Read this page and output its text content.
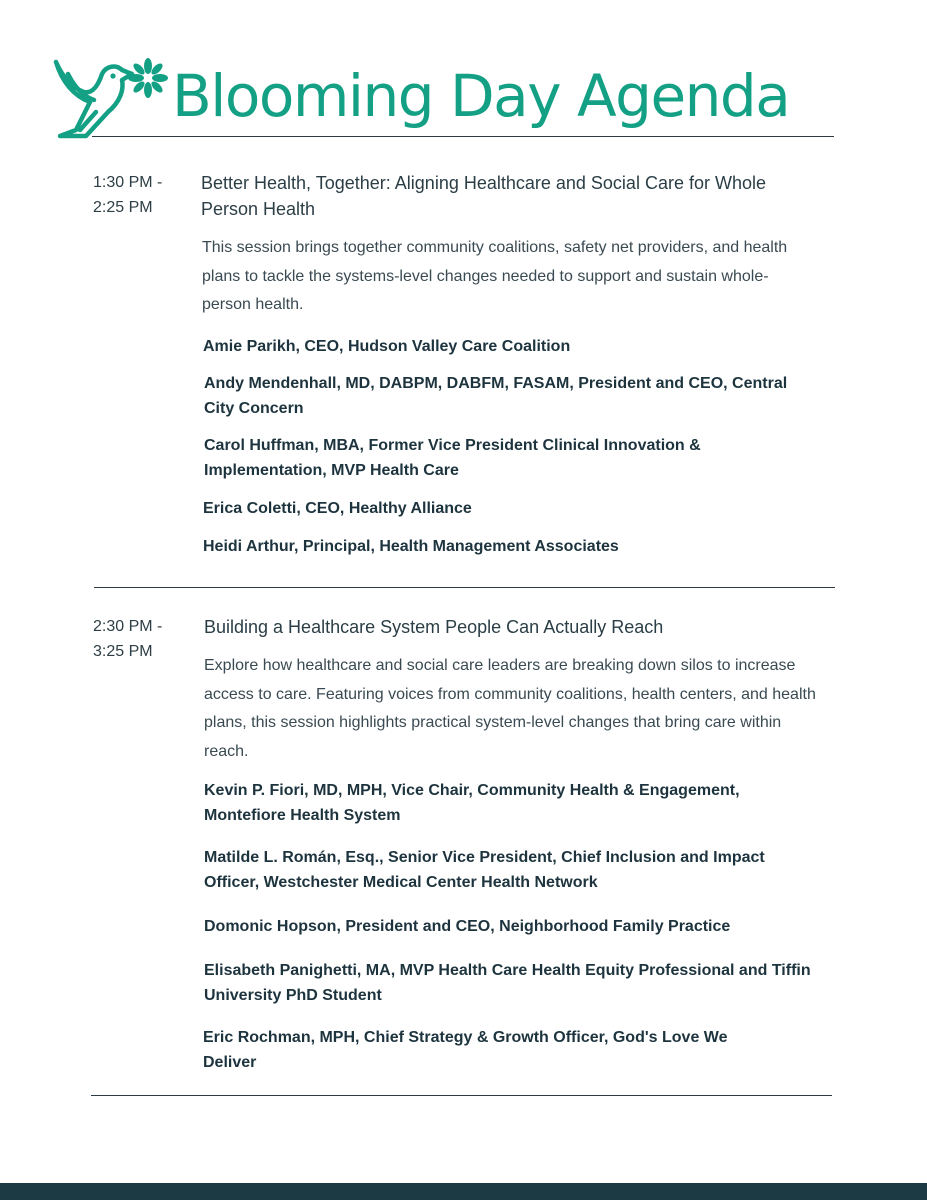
Blooming Day Agenda
1:30 PM -
2:25 PM
Better Health, Together: Aligning Healthcare and Social Care for Whole Person Health
This session brings together community coalitions, safety net providers, and health plans to tackle the systems-level changes needed to support and sustain whole-person health.
Amie Parikh, CEO, Hudson Valley Care Coalition
Andy Mendenhall, MD, DABPM, DABFM, FASAM, President and CEO, Central City Concern
Carol Huffman, MBA, Former Vice President Clinical Innovation & Implementation, MVP Health Care
Erica Coletti, CEO, Healthy Alliance
Heidi Arthur, Principal, Health Management Associates
2:30 PM -
3:25 PM
Building a Healthcare System People Can Actually Reach
Explore how healthcare and social care leaders are breaking down silos to increase access to care. Featuring voices from community coalitions, health centers, and health plans, this session highlights practical system-level changes that bring care within reach.
Kevin P. Fiori, MD, MPH, Vice Chair, Community Health & Engagement, Montefiore Health System
Matilde L. Román, Esq., Senior Vice President, Chief Inclusion and Impact Officer, Westchester Medical Center Health Network
Domonic Hopson, President and CEO, Neighborhood Family Practice
Elisabeth Panighetti, MA, MVP Health Care Health Equity Professional and Tiffin University PhD Student
Eric Rochman, MPH, Chief Strategy & Growth Officer, God's Love We Deliver
